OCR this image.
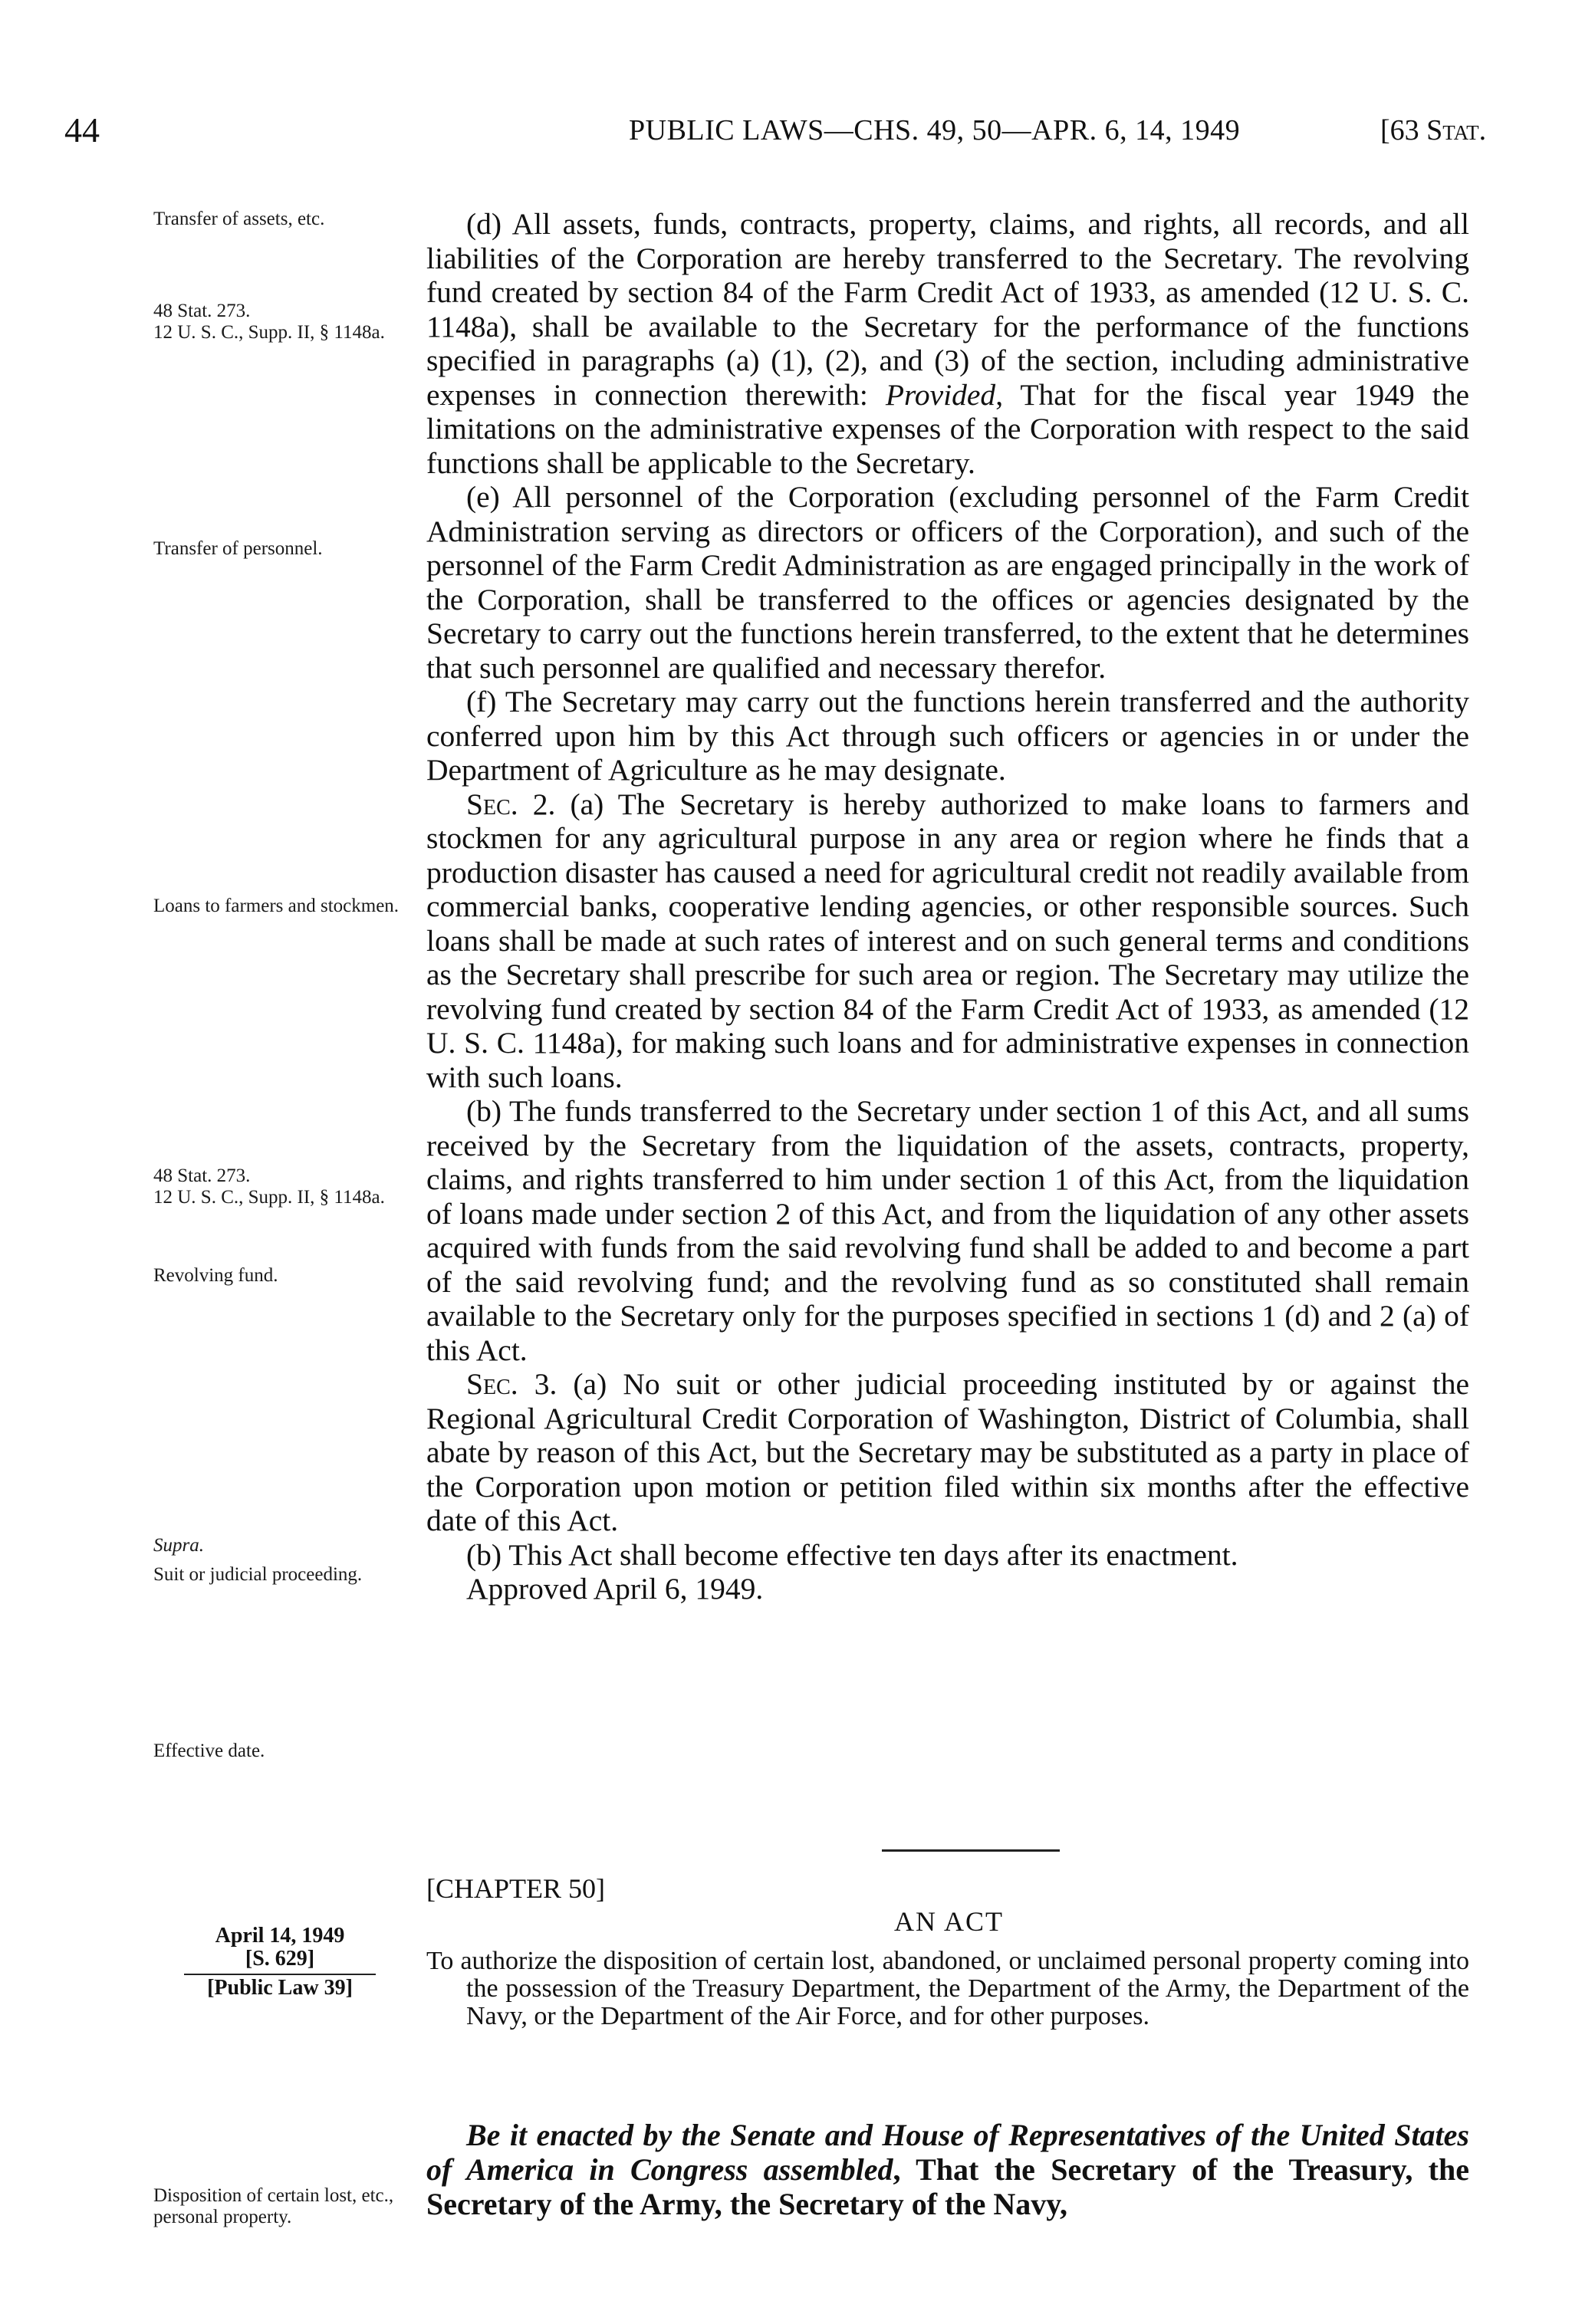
44	PUBLIC LAWS—CHS. 49, 50—APR. 6, 14, 1949	[63 Stat.

Transfer of assets, etc.

48 Stat. 273.

12 U. S. C., Supp. II, § 1148a.

Transfer of personnel.

Loans to farmers and stockmen.

48 Stat. 273.

12 U. S. C., Supp. II, § 1148a.

Revolving fund.

Supra.

Suit or judicial proceeding.

Effective date.

Disposition of certain lost, etc., personal property.

(d) All assets, funds, contracts, property, claims, and rights, all records, and all liabilities of the Corporation are hereby transferred to the Secretary. The revolving fund created by section 84 of the Farm Credit Act of 1933, as amended (12 U. S. C. 1148a), shall be available to the Secretary for the performance of the functions specified in paragraphs (a) (1), (2), and (3) of the section, including administrative expenses in connection therewith: Provided, That for the fiscal year 1949 the limitations on the administrative expenses of the Corporation with respect to the said functions shall be applicable to the Secretary.
(e) All personnel of the Corporation (excluding personnel of the Farm Credit Administration serving as directors or officers of the Corporation), and such of the personnel of the Farm Credit Administration as are engaged principally in the work of the Corporation, shall be transferred to the offices or agencies designated by the Secretary to carry out the functions herein transferred, to the extent that he determines that such personnel are qualified and necessary therefor.
(f) The Secretary may carry out the functions herein transferred and the authority conferred upon him by this Act through such officers or agencies in or under the Department of Agriculture as he may designate.
Sec. 2. (a) The Secretary is hereby authorized to make loans to farmers and stockmen for any agricultural purpose in any area or region where he finds that a production disaster has caused a need for agricultural credit not readily available from commercial banks, cooperative lending agencies, or other responsible sources. Such loans shall be made at such rates of interest and on such general terms and conditions as the Secretary shall prescribe for such area or region. The Secretary may utilize the revolving fund created by section 84 of the Farm Credit Act of 1933, as amended (12 U. S. C. 1148a), for making such loans and for administrative expenses in connection with such loans.
(b) The funds transferred to the Secretary under section 1 of this Act, and all sums received by the Secretary from the liquidation of the assets, contracts, property, claims, and rights transferred to him under section 1 of this Act, from the liquidation of loans made under section 2 of this Act, and from the liquidation of any other assets acquired with funds from the said revolving fund shall be added to and become a part of the said revolving fund; and the revolving fund as so constituted shall remain available to the Secretary only for the purposes specified in sections 1 (d) and 2 (a) of this Act.
Sec. 3. (a) No suit or other judicial proceeding instituted by or against the Regional Agricultural Credit Corporation of Washington, District of Columbia, shall abate by reason of this Act, but the Secretary may be substituted as a party in place of the Corporation upon motion or petition filed within six months after the effective date of this Act.
(b) This Act shall become effective ten days after its enactment.
Approved April 6, 1949.
[CHAPTER 50]
AN ACT
April 14, 1949
[S. 629]
[Public Law 39]

To authorize the disposition of certain lost, abandoned, or unclaimed personal property coming into the possession of the Treasury Department, the Department of the Army, the Department of the Navy, or the Department of the Air Force, and for other purposes.

Be it enacted by the Senate and House of Representatives of the United States of America in Congress assembled, That the Secretary of the Treasury, the Secretary of the Army, the Secretary of the Navy,
